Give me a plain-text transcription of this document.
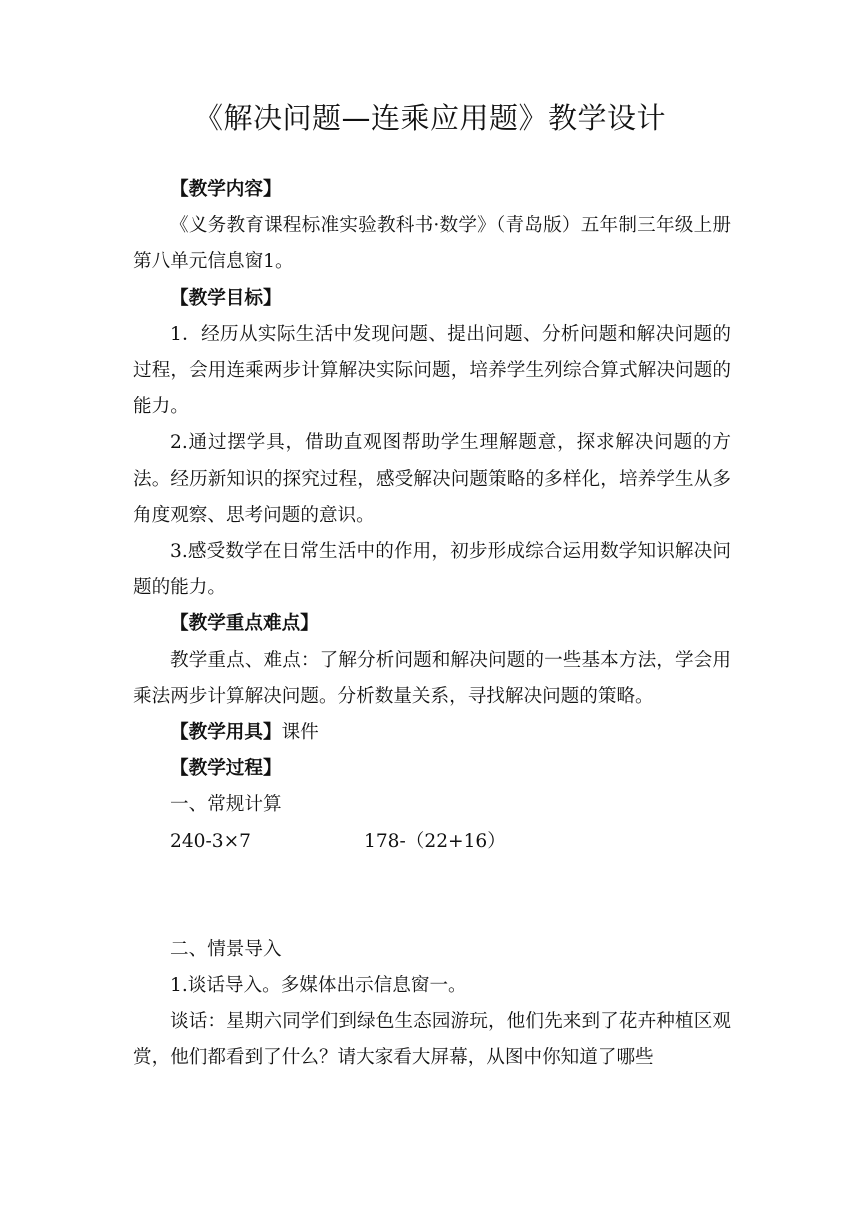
《解决问题—连乘应用题》教学设计

【教学内容】

《义务教育课程标准实验教科书·数学》（青岛版）五年制三年级上册第八单元信息窗1。

【教学目标】

1．经历从实际生活中发现问题、提出问题、分析问题和解决问题的过程，会用连乘两步计算解决实际问题，培养学生列综合算式解决问题的能力。

2.通过摆学具，借助直观图帮助学生理解题意，探求解决问题的方法。经历新知识的探究过程，感受解决问题策略的多样化，培养学生从多角度观察、思考问题的意识。

3.感受数学在日常生活中的作用，初步形成综合运用数学知识解决问题的能力。

【教学重点难点】

教学重点、难点：了解分析问题和解决问题的一些基本方法，学会用乘法两步计算解决问题。分析数量关系，寻找解决问题的策略。

【教学用具】课件

【教学过程】

一、常规计算

240-3×7	178-（22+16）

二、情景导入

1.谈话导入。多媒体出示信息窗一。

谈话：星期六同学们到绿色生态园游玩，他们先来到了花卉种植区观赏，他们都看到了什么？请大家看大屏幕，从图中你知道了哪些
